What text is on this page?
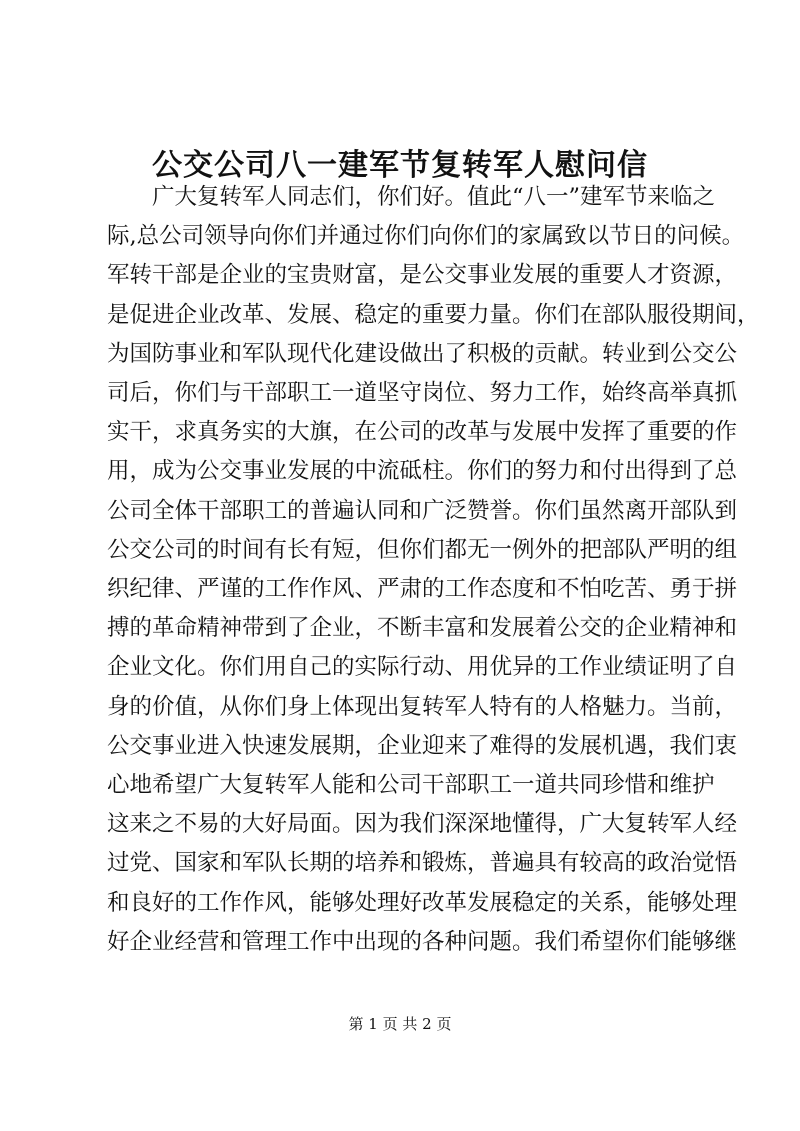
公交公司八一建军节复转军人慰问信
广大复转军人同志们，你们好。值此“八一”建军节来临之
际,总公司领导向你们并通过你们向你们的家属致以节日的问候。
军转干部是企业的宝贵财富，是公交事业发展的重要人才资源，
是促进企业改革、发展、稳定的重要力量。你们在部队服役期间，
为国防事业和军队现代化建设做出了积极的贡献。转业到公交公
司后，你们与干部职工一道坚守岗位、努力工作，始终高举真抓
实干，求真务实的大旗，在公司的改革与发展中发挥了重要的作
用，成为公交事业发展的中流砥柱。你们的努力和付出得到了总
公司全体干部职工的普遍认同和广泛赞誉。你们虽然离开部队到
公交公司的时间有长有短，但你们都无一例外的把部队严明的组
织纪律、严谨的工作作风、严肃的工作态度和不怕吃苦、勇于拼
搏的革命精神带到了企业，不断丰富和发展着公交的企业精神和
企业文化。你们用自己的实际行动、用优异的工作业绩证明了自
身的价值，从你们身上体现出复转军人特有的人格魅力。当前，
公交事业进入快速发展期，企业迎来了难得的发展机遇，我们衷
心地希望广大复转军人能和公司干部职工一道共同珍惜和维护
这来之不易的大好局面。因为我们深深地懂得，广大复转军人经
过党、国家和军队长期的培养和锻炼，普遍具有较高的政治觉悟
和良好的工作作风，能够处理好改革发展稳定的关系，能够处理
好企业经营和管理工作中出现的各种问题。我们希望你们能够继
第 1 页 共 2 页
